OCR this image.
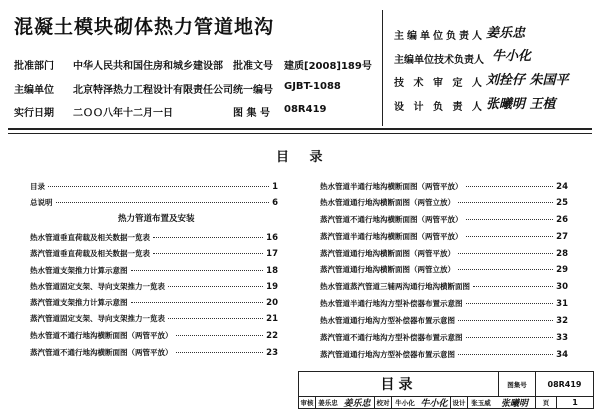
混凝土模块砌体热力管道地沟
批准部门 中华人民共和国住房和城乡建设部 批准文号 建质[2008]189号
主编单位 北京特泽热力工程设计有限责任公司 统一编号 GJBT-1088
实行日期 二ＯＯ八年十二月一日	图 集 号 08R419
主编单位负责人 姜乐忠
主编单位技术负责人 牛小化
技 术 审 定 人 刘拴仔 朱国平
设 计 负 责 人 张曦明 王植
目 录
目录	1
总说明	6
热力管道布置及安装
热水管道垂直荷载及相关数据一览表	16
蒸汽管道垂直荷载及相关数据一览表	17
热水管道支架推力计算示意图	18
热水管道固定支架、导向支架推力一览表	19
蒸汽管道支架推力计算示意图	20
蒸汽管道固定支架、导向支架推力一览表	21
热水管道不通行地沟横断面图（两管平放）	22
蒸汽管道不通行地沟横断面图（两管平放）	23
热水管道半通行地沟横断面图（两管平放）	24
热水管道通行地沟横断面图（两管立放）	25
蒸汽管道不通行地沟横断面图（两管平放）	26
蒸汽管道半通行地沟横断面图（两管平放）	27
蒸汽管道通行地沟横断面图（两管平放）	28
蒸汽管道通行地沟横断面图（两管立放）	29
热水管道蒸汽管道三辅两沟通行地沟横断面图	30
热水管道半通行地沟方型补偿器布置示意图	31
热水管道通行地沟方型补偿器布置示意图	32
蒸汽管道不通行地沟方型补偿器布置示意图	33
蒸汽管道通行地沟方型补偿器布置示意图	34
目录	图集号	08R419
审核 姜乐忠 姜乐忠 校对 牛小化 牛小化 设计 张玉威	张曦明	页	1
